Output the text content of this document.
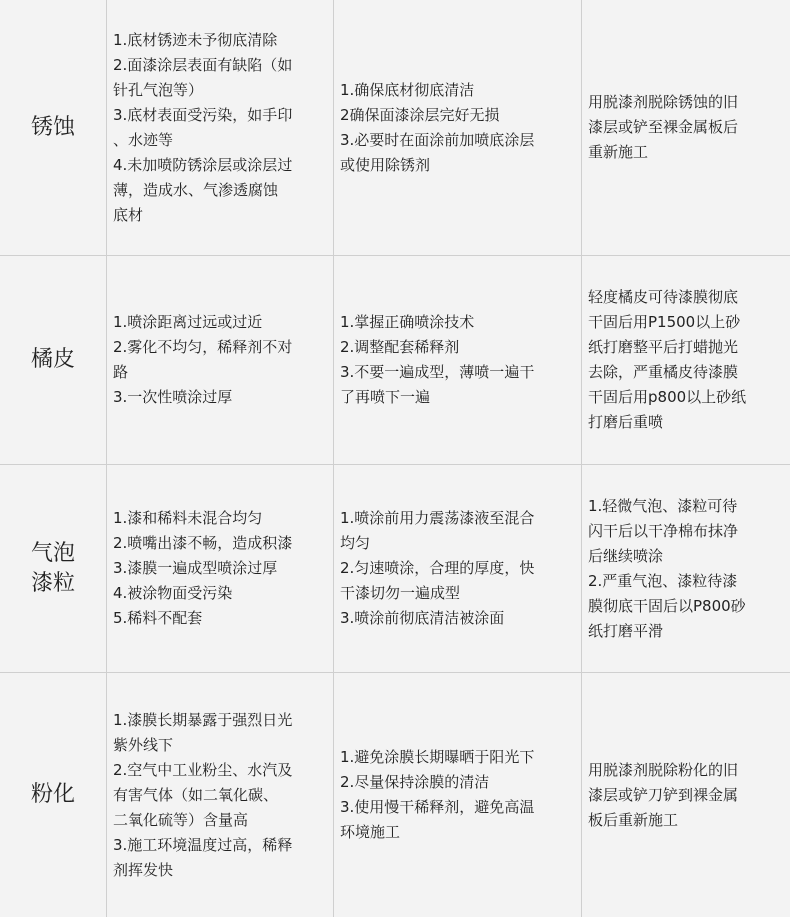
锈蚀
1.底材锈迹未予彻底清除
2.面漆涂层表面有缺陷（如
针孔气泡等）
3.底材表面受污染，如手印
、水迹等
4.未加喷防锈涂层或涂层过
薄，造成水、气渗透腐蚀
底材
1.确保底材彻底清洁
2确保面漆涂层完好无损
3.必要时在面涂前加喷底涂层
或使用除锈剂
用脱漆剂脱除锈蚀的旧
漆层或铲至裸金属板后
重新施工
橘皮
1.喷涂距离过远或过近
2.雾化不均匀，稀释剂不对
路
3.一次性喷涂过厚
1.掌握正确喷涂技术
2.调整配套稀释剂
3.不要一遍成型，薄喷一遍干
了再喷下一遍
轻度橘皮可待漆膜彻底
干固后用P1500以上砂
纸打磨整平后打蜡抛光
去除，严重橘皮待漆膜
干固后用p800以上砂纸
打磨后重喷
气泡
漆粒
1.漆和稀料未混合均匀
2.喷嘴出漆不畅，造成积漆
3.漆膜一遍成型喷涂过厚
4.被涂物面受污染
5.稀料不配套
1.喷涂前用力震荡漆液至混合
均匀
2.匀速喷涂，合理的厚度，快
干漆切勿一遍成型
3.喷涂前彻底清洁被涂面
1.轻微气泡、漆粒可待
闪干后以干净棉布抹净
后继续喷涂
2.严重气泡、漆粒待漆
膜彻底干固后以P800砂
纸打磨平滑
粉化
1.漆膜长期暴露于强烈日光
紫外线下
2.空气中工业粉尘、水汽及
有害气体（如二氧化碳、
二氧化硫等）含量高
3.施工环境温度过高，稀释
剂挥发快
1.避免涂膜长期曝晒于阳光下
2.尽量保持涂膜的清洁
3.使用慢干稀释剂，避免高温
环境施工
用脱漆剂脱除粉化的旧
漆层或铲刀铲到裸金属
板后重新施工
